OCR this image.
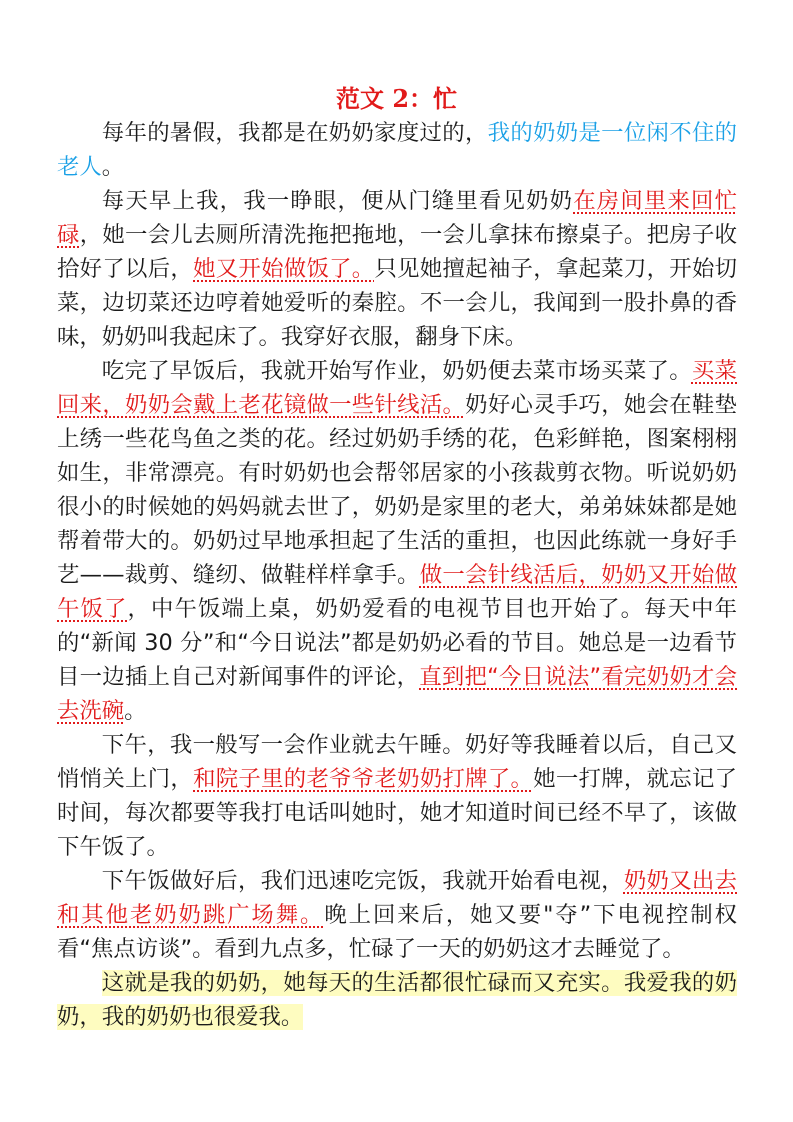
范文 2：忙

每年的暑假，我都是在奶奶家度过的，我的奶奶是一位闲不住的老人。

每天早上我，我一睁眼，便从门缝里看见奶奶在房间里来回忙碌，她一会儿去厕所清洗拖把拖地，一会儿拿抹布擦桌子。把房子收拾好了以后，她又开始做饭了。只见她擅起袖子，拿起菜刀，开始切菜，边切菜还边哼着她爱听的秦腔。不一会儿，我闻到一股扑鼻的香味，奶奶叫我起床了。我穿好衣服，翻身下床。

吃完了早饭后，我就开始写作业，奶奶便去菜市场买菜了。买菜回来，奶奶会戴上老花镜做一些针线活。奶好心灵手巧，她会在鞋垫上绣一些花鸟鱼之类的花。经过奶奶手绣的花，色彩鲜艳，图案栩栩如生，非常漂亮。有时奶奶也会帮邻居家的小孩裁剪衣物。听说奶奶很小的时候她的妈妈就去世了，奶奶是家里的老大，弟弟妹妹都是她帮着带大的。奶奶过早地承担起了生活的重担，也因此练就一身好手艺——裁剪、缝纫、做鞋样样拿手。做一会针线活后，奶奶又开始做午饭了，中午饭端上桌，奶奶爱看的电视节目也开始了。每天中年的“新闻 30 分”和“今日说法”都是奶奶必看的节目。她总是一边看节目一边插上自己对新闻事件的评论，直到把“今日说法”看完奶奶才会去洗碗。

下午，我一般写一会作业就去午睡。奶好等我睡着以后，自己又悄悄关上门，和院子里的老爷爷老奶奶打牌了。她一打牌，就忘记了时间，每次都要等我打电话叫她时，她才知道时间已经不早了，该做下午饭了。

下午饭做好后，我们迅速吃完饭，我就开始看电视，奶奶又出去和其他老奶奶跳广场舞。晚上回来后，她又要"夺”下电视控制权看“焦点访谈”。看到九点多，忙碌了一天的奶奶这才去睡觉了。

这就是我的奶奶，她每天的生活都很忙碌而又充实。我爱我的奶奶，我的奶奶也很爱我。
